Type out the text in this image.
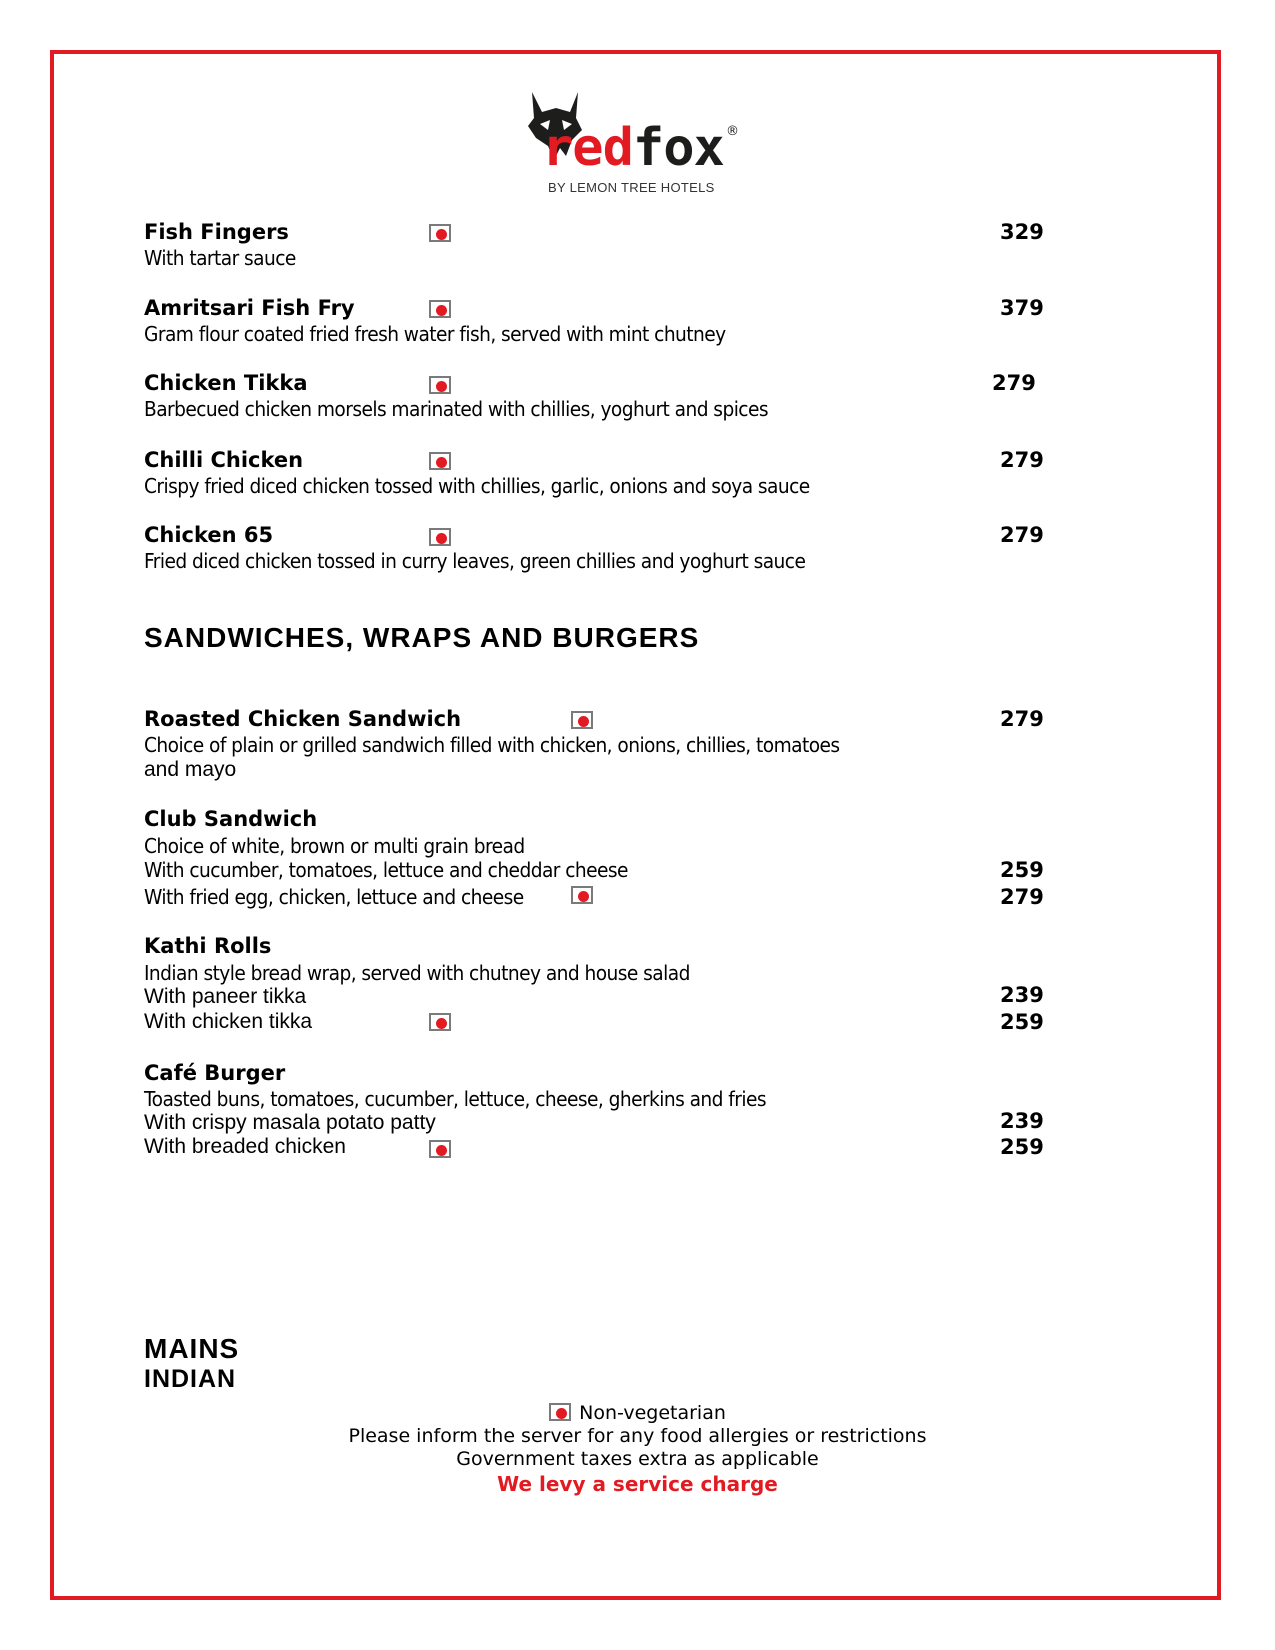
redfox ®
BY LEMON TREE HOTELS
Fish Fingers	329
With tartar sauce
Amritsari Fish Fry	379
Gram flour coated fried fresh water fish, served with mint chutney
Chicken Tikka	279
Barbecued chicken morsels marinated with chillies, yoghurt and spices
Chilli Chicken	279
Crispy fried diced chicken tossed with chillies, garlic, onions and soya sauce
Chicken 65	279
Fried diced chicken tossed in curry leaves, green chillies and yoghurt sauce
SANDWICHES, WRAPS AND BURGERS
Roasted Chicken Sandwich	279
Choice of plain or grilled sandwich filled with chicken, onions, chillies, tomatoes
and mayo
Club Sandwich
Choice of white, brown or multi grain bread
With cucumber, tomatoes, lettuce and cheddar cheese	259
With fried egg, chicken, lettuce and cheese	279
Kathi Rolls
Indian style bread wrap, served with chutney and house salad
With paneer tikka	239
With chicken tikka	259
Café Burger
Toasted buns, tomatoes, cucumber, lettuce, cheese, gherkins and fries
With crispy masala potato patty	239
With breaded chicken	259
MAINS
INDIAN
Non-vegetarian
Please inform the server for any food allergies or restrictions
Government taxes extra as applicable
We levy a service charge
